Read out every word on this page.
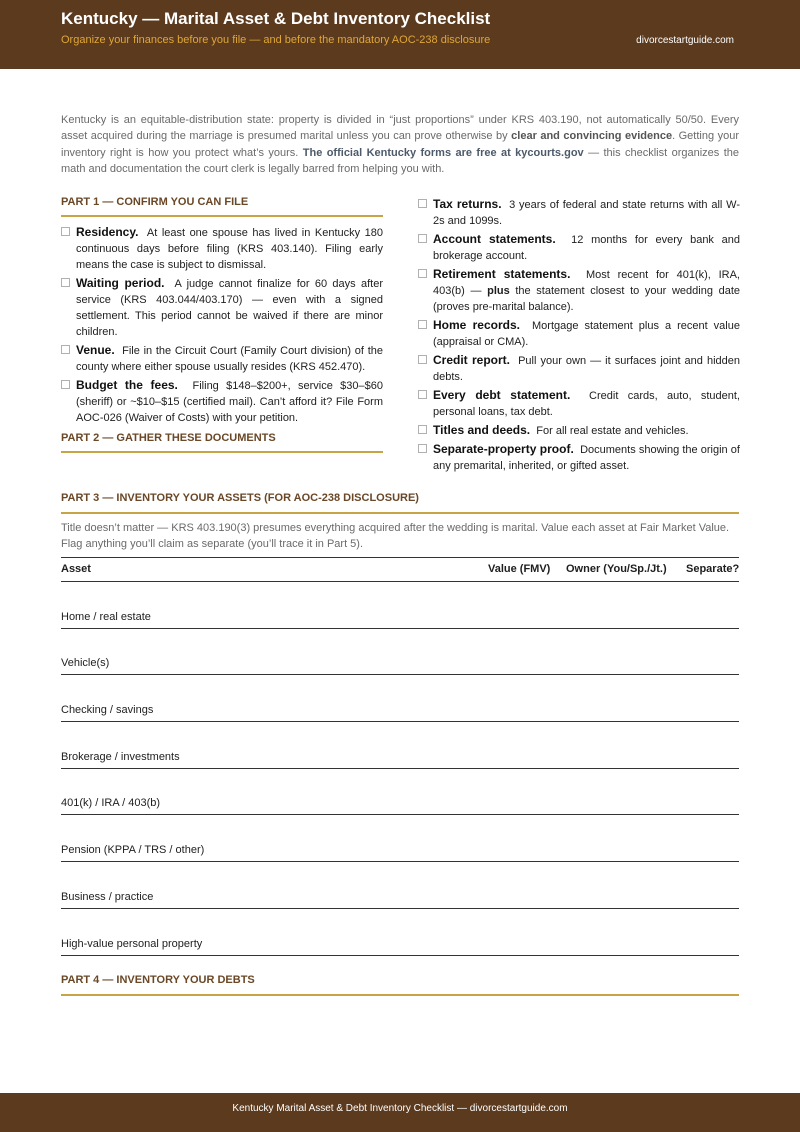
Kentucky — Marital Asset & Debt Inventory Checklist
Organize your finances before you file — and before the mandatory AOC-238 disclosure	divorcestartguide.com
Kentucky is an equitable-distribution state: property is divided in “just proportions” under KRS 403.190, not automatically 50/50. Every asset acquired during the marriage is presumed marital unless you can prove otherwise by clear and convincing evidence. Getting your inventory right is how you protect what’s yours. The official Kentucky forms are free at kycourts.gov — this checklist organizes the math and documentation the court clerk is legally barred from helping you with.
PART 1 — CONFIRM YOU CAN FILE
Residency. At least one spouse has lived in Kentucky 180 continuous days before filing (KRS 403.140). Filing early means the case is subject to dismissal.
Waiting period. A judge cannot finalize for 60 days after service (KRS 403.044/403.170) — even with a signed settlement. This period cannot be waived if there are minor children.
Venue. File in the Circuit Court (Family Court division) of the county where either spouse usually resides (KRS 452.470).
Budget the fees. Filing $148–$200+, service $30–$60 (sheriff) or ~$10–$15 (certified mail). Can’t afford it? File Form AOC-026 (Waiver of Costs) with your petition.
PART 2 — GATHER THESE DOCUMENTS
Tax returns. 3 years of federal and state returns with all W-2s and 1099s.
Account statements. 12 months for every bank and brokerage account.
Retirement statements. Most recent for 401(k), IRA, 403(b) — plus the statement closest to your wedding date (proves pre-marital balance).
Home records. Mortgage statement plus a recent value (appraisal or CMA).
Credit report. Pull your own — it surfaces joint and hidden debts.
Every debt statement. Credit cards, auto, student, personal loans, tax debt.
Titles and deeds. For all real estate and vehicles.
Separate-property proof. Documents showing the origin of any premarital, inherited, or gifted asset.
PART 3 — INVENTORY YOUR ASSETS (FOR AOC-238 DISCLOSURE)
Title doesn’t matter — KRS 403.190(3) presumes everything acquired after the wedding is marital. Value each asset at Fair Market Value. Flag anything you’ll claim as separate (you’ll trace it in Part 5).
Asset	Value (FMV) Owner (You/Sp./Jt.) Separate?
Home / real estate
Vehicle(s)
Checking / savings
Brokerage / investments
401(k) / IRA / 403(b)
Pension (KPPA / TRS / other)
Business / practice
High-value personal property
PART 4 — INVENTORY YOUR DEBTS
Kentucky Marital Asset & Debt Inventory Checklist — divorcestartguide.com
